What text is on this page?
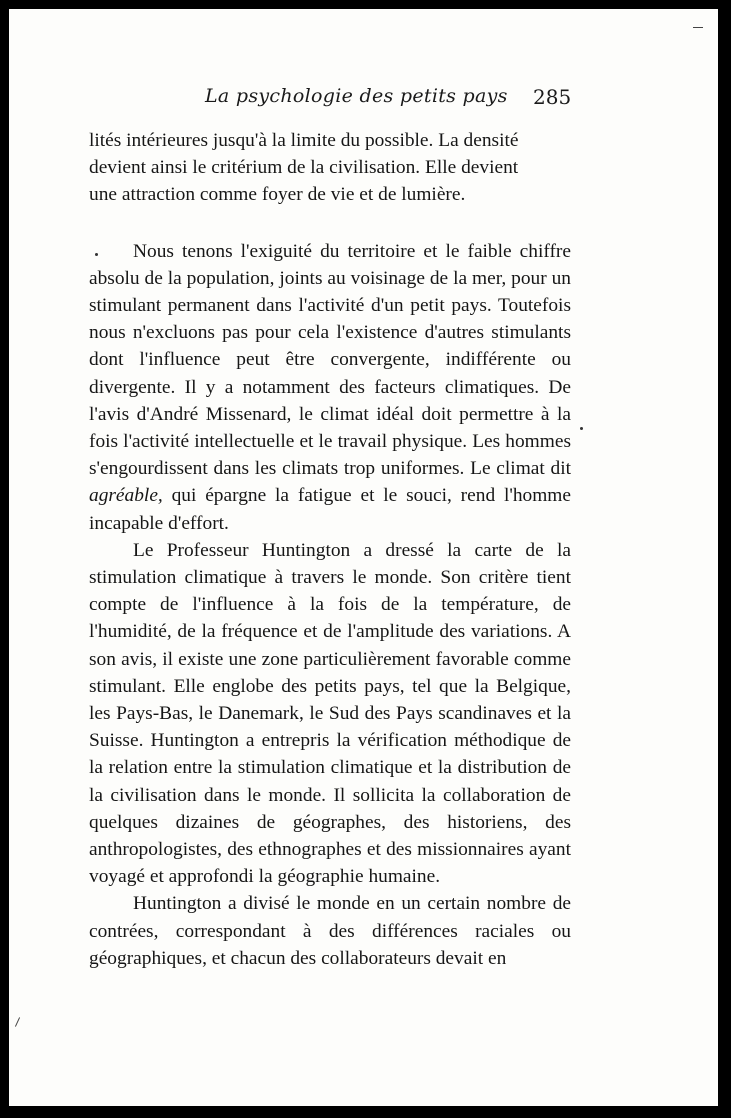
La psychologie des petits pays 285

lités intérieures jusqu'à la limite du possible. La densité
devient ainsi le critérium de la civilisation. Elle devient
une attraction comme foyer de vie et de lumière.

Nous tenons l'exiguité du territoire et le faible chiffre absolu de la population, joints au voisinage de la mer, pour un stimulant permanent dans l'activité d'un petit pays. Toutefois nous n'excluons pas pour cela l'existence d'autres stimulants dont l'influence peut être convergente, indifférente ou divergente. Il y a notamment des facteurs climatiques. De l'avis d'André Missenard, le climat idéal doit permettre à la fois l'activité intellectuelle et le travail physique. Les hommes s'engourdissent dans les climats trop uniformes. Le climat dit agréable, qui épargne la fatigue et le souci, rend l'homme incapable d'effort.

Le Professeur Huntington a dressé la carte de la stimulation climatique à travers le monde. Son critère tient compte de l'influence à la fois de la température, de l'humidité, de la fréquence et de l'amplitude des variations. A son avis, il existe une zone particulièrement favorable comme stimulant. Elle englobe des petits pays, tel que la Belgique, les Pays-Bas, le Danemark, le Sud des Pays scandinaves et la Suisse. Huntington a entrepris la vérification méthodique de la relation entre la stimulation climatique et la distribution de la civilisation dans le monde. Il sollicita la collaboration de quelques dizaines de géographes, des historiens, des anthropologistes, des ethnographes et des missionnaires ayant voyagé et approfondi la géographie humaine.

Huntington a divisé le monde en un certain nombre de contrées, correspondant à des différences raciales ou géographiques, et chacun des collaborateurs devait en
